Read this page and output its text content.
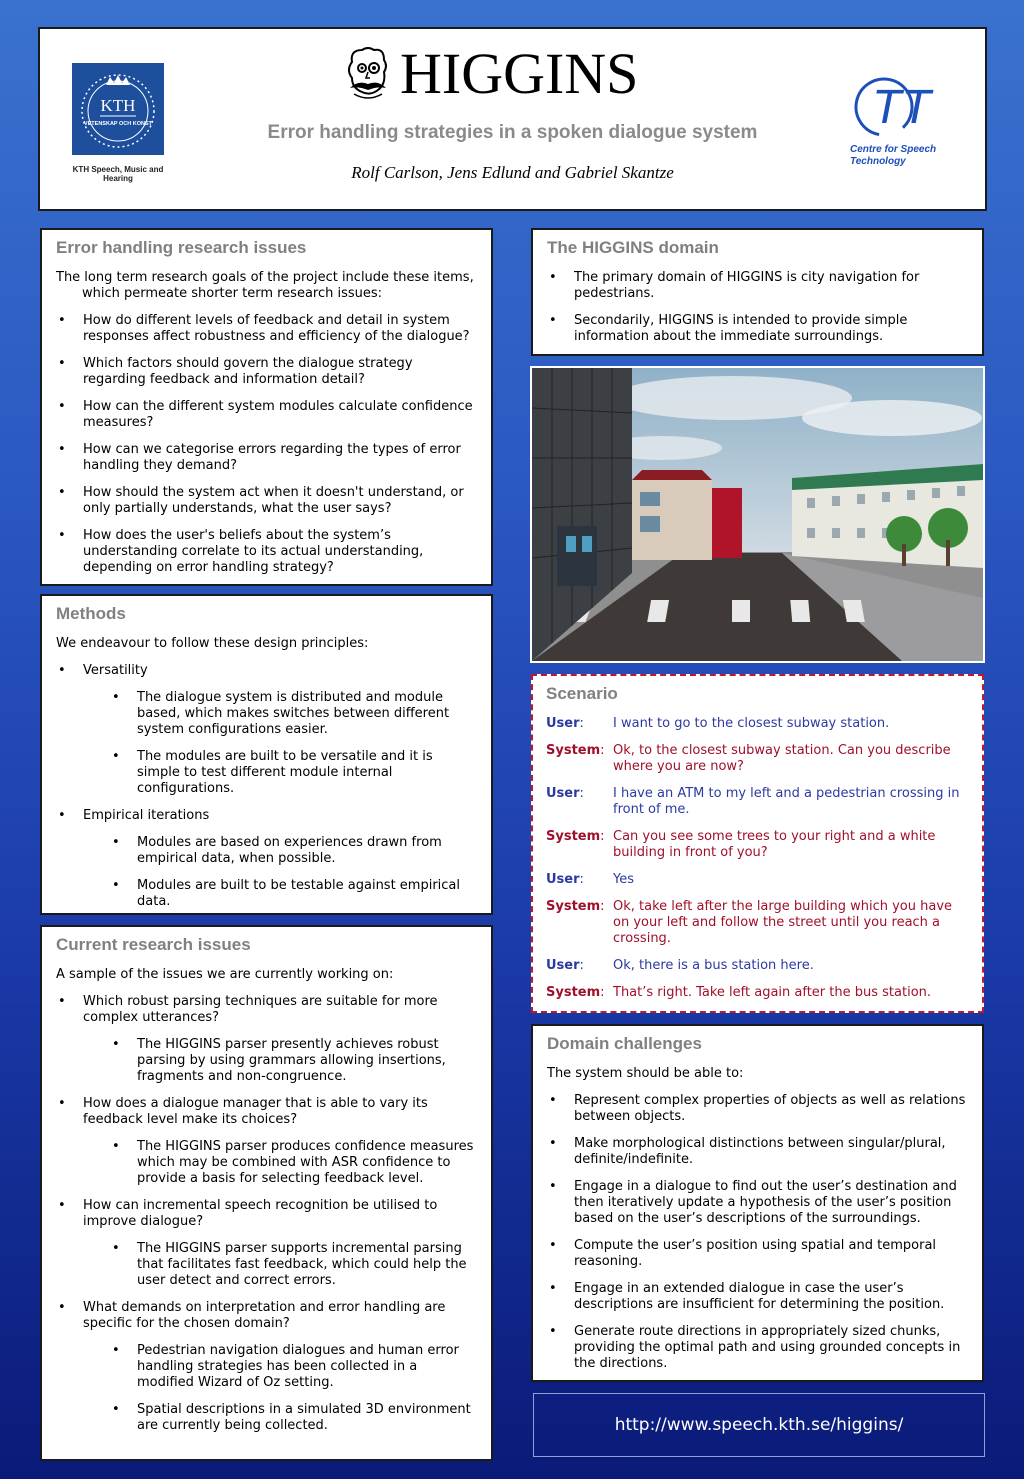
KTH
VETENSKAP OCH KONST
KTH Speech, Music and Hearing
HIGGINS
Error handling strategies in a spoken dialogue system
Rolf Carlson, Jens Edlund and Gabriel Skantze
TT
Centre for Speech Technology
Error handling research issues
The long term research goals of the project include these items, which permeate shorter term research issues:
• How do different levels of feedback and detail in system responses affect robustness and efficiency of the dialogue?
• Which factors should govern the dialogue strategy regarding feedback and information detail?
• How can the different system modules calculate confidence measures?
• How can we categorise errors regarding the types of error handling they demand?
• How should the system act when it doesn't understand, or only partially understands, what the user says?
• How does the user's beliefs about the system’s understanding correlate to its actual understanding, depending on error handling strategy?
Methods
We endeavour to follow these design principles:
• Versatility
• The dialogue system is distributed and module based, which makes switches between different system configurations easier.
• The modules are built to be versatile and it is simple to test different module internal configurations.
• Empirical iterations
• Modules are based on experiences drawn from empirical data, when possible.
• Modules are built to be testable against empirical data.
Current research issues
A sample of the issues we are currently working on:
• Which robust parsing techniques are suitable for more complex utterances?
• The HIGGINS parser presently achieves robust parsing by using grammars allowing insertions, fragments and non-congruence.
• How does a dialogue manager that is able to vary its feedback level make its choices?
• The HIGGINS parser produces confidence measures which may be combined with ASR confidence to provide a basis for selecting feedback level.
• How can incremental speech recognition be utilised to improve dialogue?
• The HIGGINS parser supports incremental parsing that facilitates fast feedback, which could help the user detect and correct errors.
• What demands on interpretation and error handling are specific for the chosen domain?
• Pedestrian navigation dialogues and human error handling strategies has been collected in a modified Wizard of Oz setting.
• Spatial descriptions in a simulated 3D environment are currently being collected.
The HIGGINS domain
• The primary domain of HIGGINS is city navigation for pedestrians.
• Secondarily, HIGGINS is intended to provide simple information about the immediate surroundings.
Scenario
User:	I want to go to the closest subway station.
System: Ok, to the closest subway station. Can you describe where you are now?
User:	I have an ATM to my left and a pedestrian crossing in front of me.
System: Can you see some trees to your right and a white building in front of you?
User:	Yes
System: Ok, take left after the large building which you have on your left and follow the street until you reach a crossing.
User:	Ok, there is a bus station here.
System: That’s right. Take left again after the bus station.
Domain challenges
The system should be able to:
• Represent complex properties of objects as well as relations between objects.
• Make morphological distinctions between singular/plural, definite/indefinite.
• Engage in a dialogue to find out the user’s destination and then iteratively update a hypothesis of the user’s position based on the user’s descriptions of the surroundings.
• Compute the user’s position using spatial and temporal reasoning.
• Engage in an extended dialogue in case the user’s descriptions are insufficient for determining the position.
• Generate route directions in appropriately sized chunks, providing the optimal path and using grounded concepts in the directions.
http://www.speech.kth.se/higgins/
